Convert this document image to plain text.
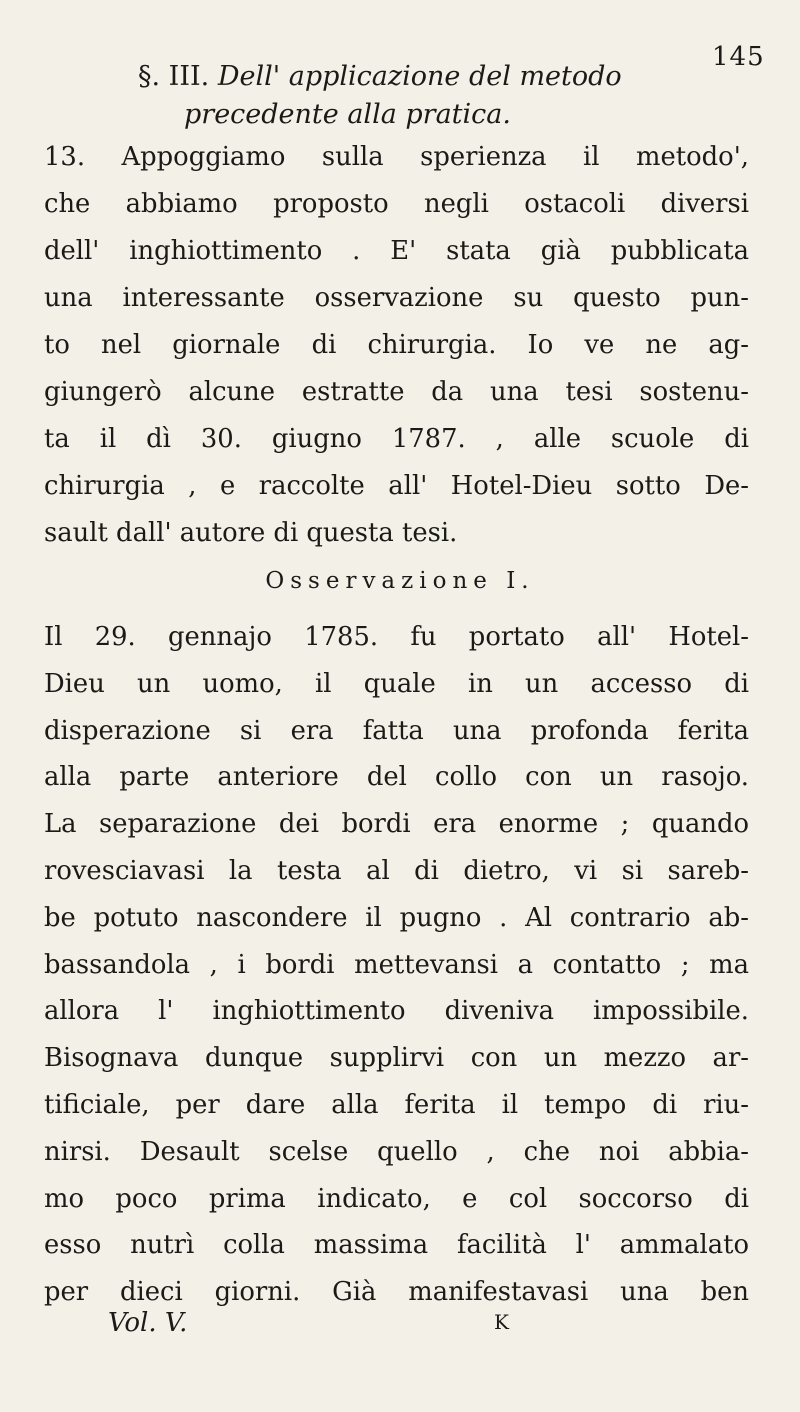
145
§. III. Dell' applicazione del metodo
precedente alla pratica.
13. Appoggiamo sulla sperienza il metodo',
che abbiamo proposto negli ostacoli diversi
dell' inghiottimento . E' stata già pubblicata
una interessante osservazione su questo pun-
to nel giornale di chirurgia. Io ve ne ag-
giungerò alcune estratte da una tesi sostenu-
ta il dì 30. giugno 1787. , alle scuole di
chirurgia , e raccolte all' Hotel-Dieu sotto De-
sault dall' autore di questa tesi.
Osservazione I.
Il 29. gennajo 1785. fu portato all' Hotel-
Dieu un uomo, il quale in un accesso di
disperazione si era fatta una profonda ferita
alla parte anteriore del collo con un rasojo.
La separazione dei bordi era enorme ; quando
rovesciavasi la testa al di dietro, vi si sareb-
be potuto nascondere il pugno . Al contrario ab-
bassandola , i bordi mettevansi a contatto ; ma
allora l' inghiottimento diveniva impossibile.
Bisognava dunque supplirvi con un mezzo ar-
tificiale, per dare alla ferita il tempo di riu-
nirsi. Desault scelse quello , che noi abbia-
mo poco prima indicato, e col soccorso di
esso nutrì colla massima facilità l' ammalato
per dieci giorni. Già manifestavasi una ben
Vol. V.	K
